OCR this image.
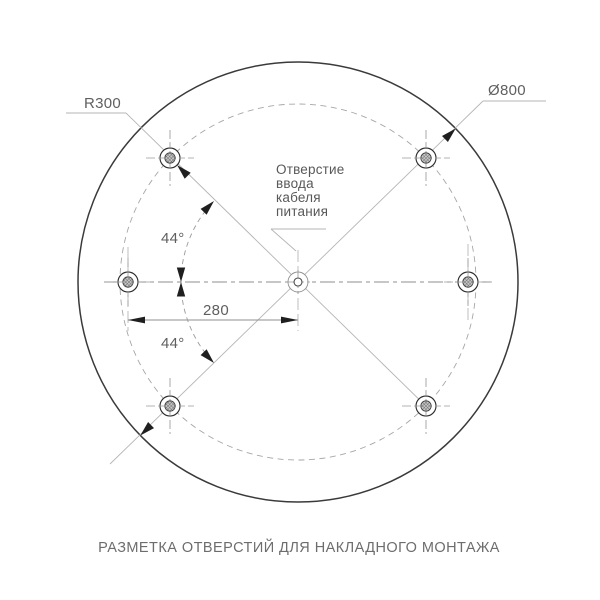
R300
Ø800
44°
44°
280
Отверстие
ввода
кабеля
питания
РАЗМЕТКА ОТВЕРСТИЙ ДЛЯ НАКЛАДНОГО МОНТАЖА
